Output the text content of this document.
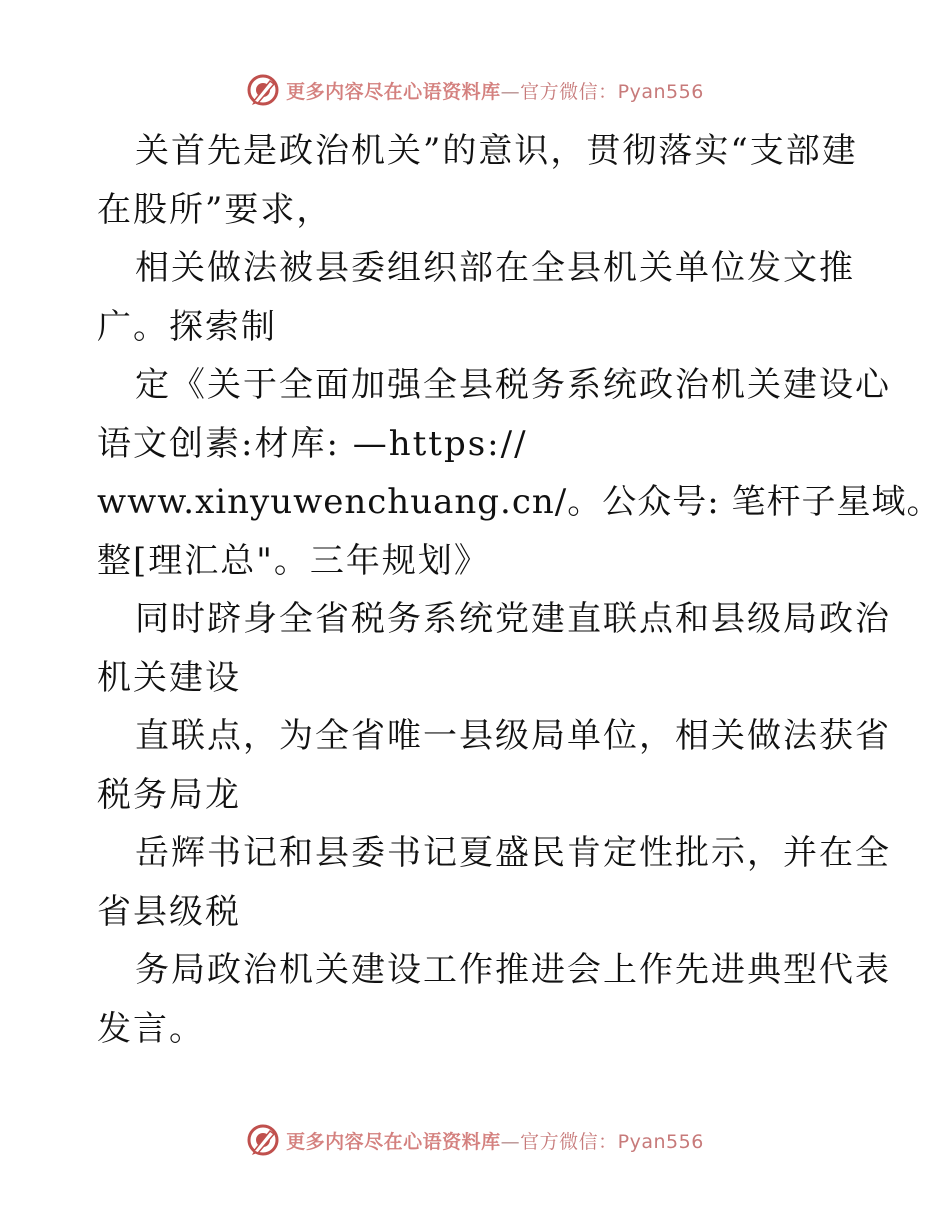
更多内容尽在心语资料库—官方微信：Pyan556

关首先是政治机关”的意识，贯彻落实“支部建
在股所”要求，

相关做法被县委组织部在全县机关单位发文推
广。探索制

定《关于全面加强全县税务系统政治机关建设心
语文创素:材库: —https://

www.xinyuwenchuang.cn/。公众号: 笔杆子星域。
整[理汇总"。三年规划》

同时跻身全省税务系统党建直联点和县级局政治
机关建设

直联点，为全省唯一县级局单位，相关做法获省
税务局龙

岳辉书记和县委书记夏盛民肯定性批示，并在全
省县级税

务局政治机关建设工作推进会上作先进典型代表
发言。

更多内容尽在心语资料库—官方微信：Pyan556
